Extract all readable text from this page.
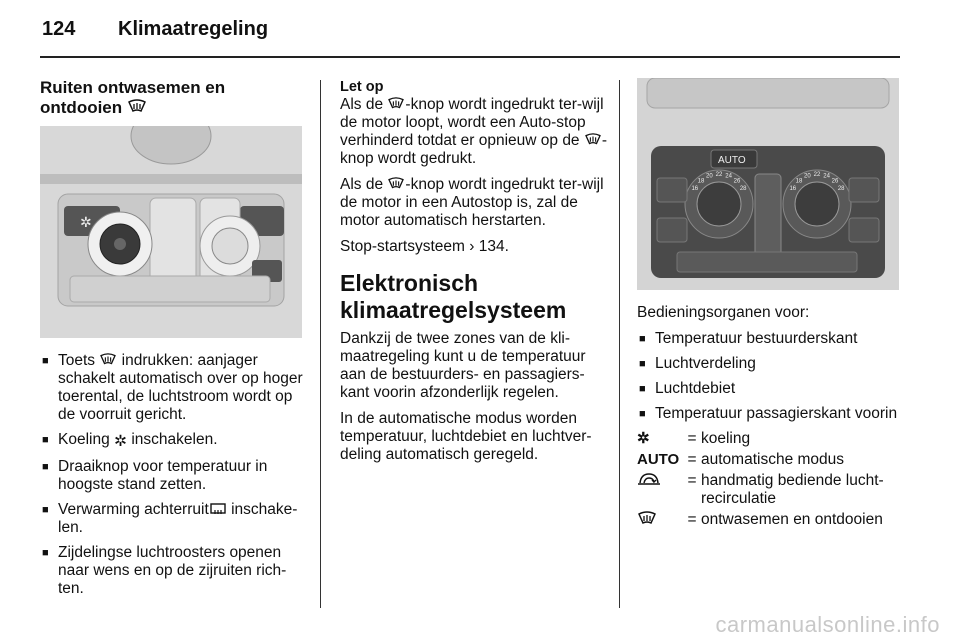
124 Klimaatregeling
Ruiten ontwasemen en
ontdooien
✲
■ Toets  indrukken: aanjager schakelt automatisch over op hoger toerental, de luchtstroom wordt op de voorruit gericht.
■ Koeling ✲ inschakelen.
■ Draaiknop voor temperatuur in hoogste stand zetten.
■ Verwarming achterruit inschake-len.
■ Zijdelingse luchtroosters openen naar wens en op de zijruiten rich-ten.
Let op

Als de -knop wordt ingedrukt ter-wijl de motor loopt, wordt een Auto-stop verhinderd totdat er opnieuw op de -knop wordt gedrukt.

Als de -knop wordt ingedrukt ter-wijl de motor in een Autostop is, zal de motor automatisch herstarten.

Stop-startsysteem › 134.

Elektronisch
klimaatregelsysteem

Dankzij de twee zones van de kli-maatregeling kunt u de temperatuur aan de bestuurders- en passagiers-kant voorin afzonderlijk regelen.

In de automatische modus worden temperatuur, luchtdebiet en luchtver-deling automatisch geregeld.

AUTO
16
18
20 22 24
26
28	16
18
20 22 24
26
28

Bedieningsorganen voor:

■ Temperatuur bestuurderskant
■ Luchtverdeling
■ Luchtdebiet
■ Temperatuur passagierskant voorin
✲	= koeling
AUTO = automatische modus
= handmatig bediende lucht-recirculatie
= ontwasemen en ontdooien
carmanualsonline.info
